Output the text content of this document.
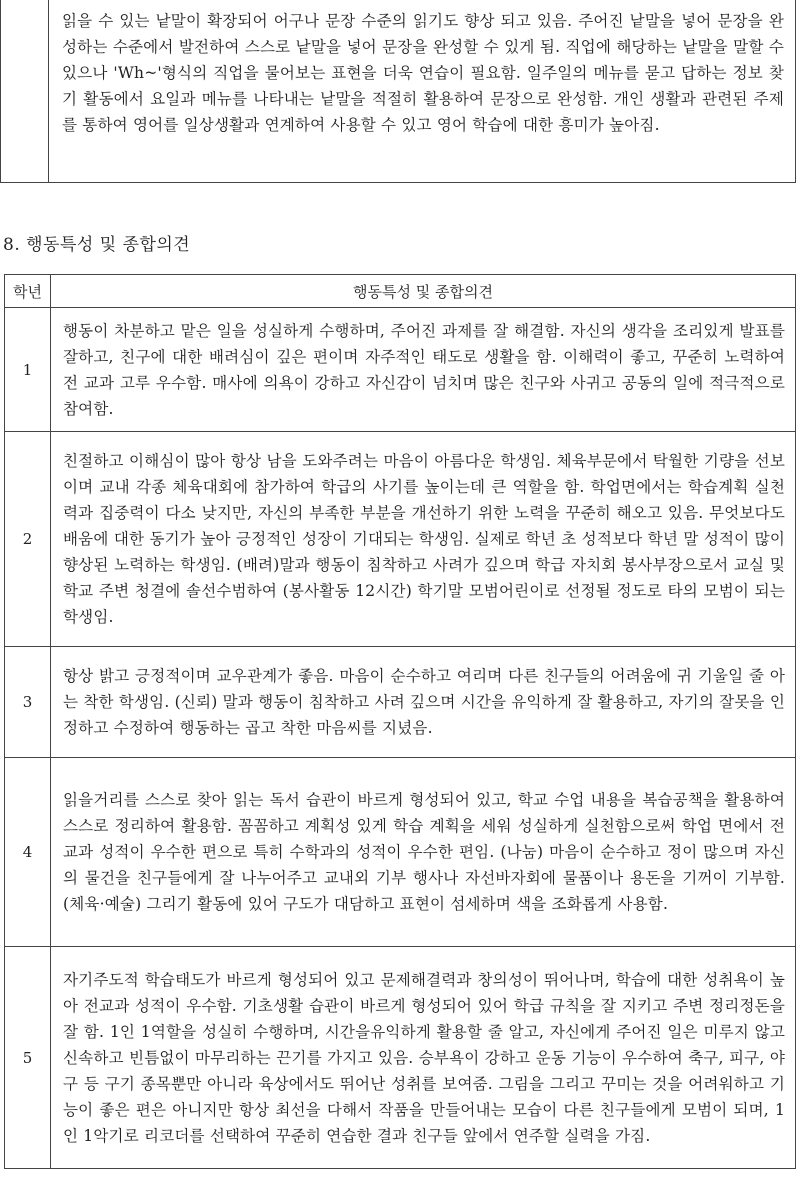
읽을 수 있는 낱말이 확장되어 어구나 문장 수준의 읽기도 향상 되고 있음. 주어진 낱말을 넣어 문장을 완성하는 수준에서 발전하여 스스로 낱말을 넣어 문장을 완성할 수 있게 됨. 직업에 해당하는 낱말을 말할 수 있으나 'Wh~'형식의 직업을 물어보는 표현을 더욱 연습이 필요함. 일주일의 메뉴를 묻고 답하는 정보 찾기 활동에서 요일과 메뉴를 나타내는 낱말을 적절히 활용하여 문장으로 완성함. 개인 생활과 관련된 주제를 통하여 영어를 일상생활과 연계하여 사용할 수 있고 영어 학습에 대한 흥미가 높아짐.
8. 행동특성 및 종합의견
학년	행동특성 및 종합의견
1	행동이 차분하고 맡은 일을 성실하게 수행하며, 주어진 과제를 잘 해결함. 자신의 생각을 조리있게 발표를 잘하고, 친구에 대한 배려심이 깊은 편이며 자주적인 태도로 생활을 함. 이해력이 좋고, 꾸준히 노력하여 전 교과 고루 우수함. 매사에 의욕이 강하고 자신감이 넘치며 많은 친구와 사귀고 공동의 일에 적극적으로 참여함.
2	친절하고 이해심이 많아 항상 남을 도와주려는 마음이 아름다운 학생임. 체육부문에서 탁월한 기량을 선보이며 교내 각종 체육대회에 참가하여 학급의 사기를 높이는데 큰 역할을 함. 학업면에서는 학습계획 실천력과 집중력이 다소 낮지만, 자신의 부족한 부분을 개선하기 위한 노력을 꾸준히 해오고 있음. 무엇보다도 배움에 대한 동기가 높아 긍정적인 성장이 기대되는 학생임. 실제로 학년 초 성적보다 학년 말 성적이 많이 향상된 노력하는 학생임. (배려)말과 행동이 침착하고 사려가 깊으며 학급 자치회 봉사부장으로서 교실 및 학교 주변 청결에 솔선수범하여 (봉사활동 12시간) 학기말 모범어린이로 선정될 정도로 타의 모범이 되는 학생임.
3	항상 밝고 긍정적이며 교우관계가 좋음. 마음이 순수하고 여리며 다른 친구들의 어려움에 귀 기울일 줄 아는 착한 학생임. (신뢰) 말과 행동이 침착하고 사려 깊으며 시간을 유익하게 잘 활용하고, 자기의 잘못을 인정하고 수정하여 행동하는 곱고 착한 마음씨를 지녔음.
4	읽을거리를 스스로 찾아 읽는 독서 습관이 바르게 형성되어 있고, 학교 수업 내용을 복습공책을 활용하여 스스로 정리하여 활용함. 꼼꼼하고 계획성 있게 학습 계획을 세워 성실하게 실천함으로써 학업 면에서 전 교과 성적이 우수한 편으로 특히 수학과의 성적이 우수한 편임. (나눔) 마음이 순수하고 정이 많으며 자신의 물건을 친구들에게 잘 나누어주고 교내외 기부 행사나 자선바자회에 물품이나 용돈을 기꺼이 기부함. (체육·예술) 그리기 활동에 있어 구도가 대담하고 표현이 섬세하며 색을 조화롭게 사용함.
5	자기주도적 학습태도가 바르게 형성되어 있고 문제해결력과 창의성이 뛰어나며, 학습에 대한 성취욕이 높아 전교과 성적이 우수함. 기초생활 습관이 바르게 형성되어 있어 학급 규칙을 잘 지키고 주변 정리정돈을 잘 함. 1인 1역할을 성실히 수행하며, 시간을유익하게 활용할 줄 알고, 자신에게 주어진 일은 미루지 않고 신속하고 빈틈없이 마무리하는 끈기를 가지고 있음. 승부욕이 강하고 운동 기능이 우수하여 축구, 피구, 야구 등 구기 종목뿐만 아니라 육상에서도 뛰어난 성취를 보여줌. 그림을 그리고 꾸미는 것을 어려워하고 기능이 좋은 편은 아니지만 항상 최선을 다해서 작품을 만들어내는 모습이 다른 친구들에게 모범이 되며, 1인 1악기로 리코더를 선택하여 꾸준히 연습한 결과 친구들 앞에서 연주할 실력을 가짐.
